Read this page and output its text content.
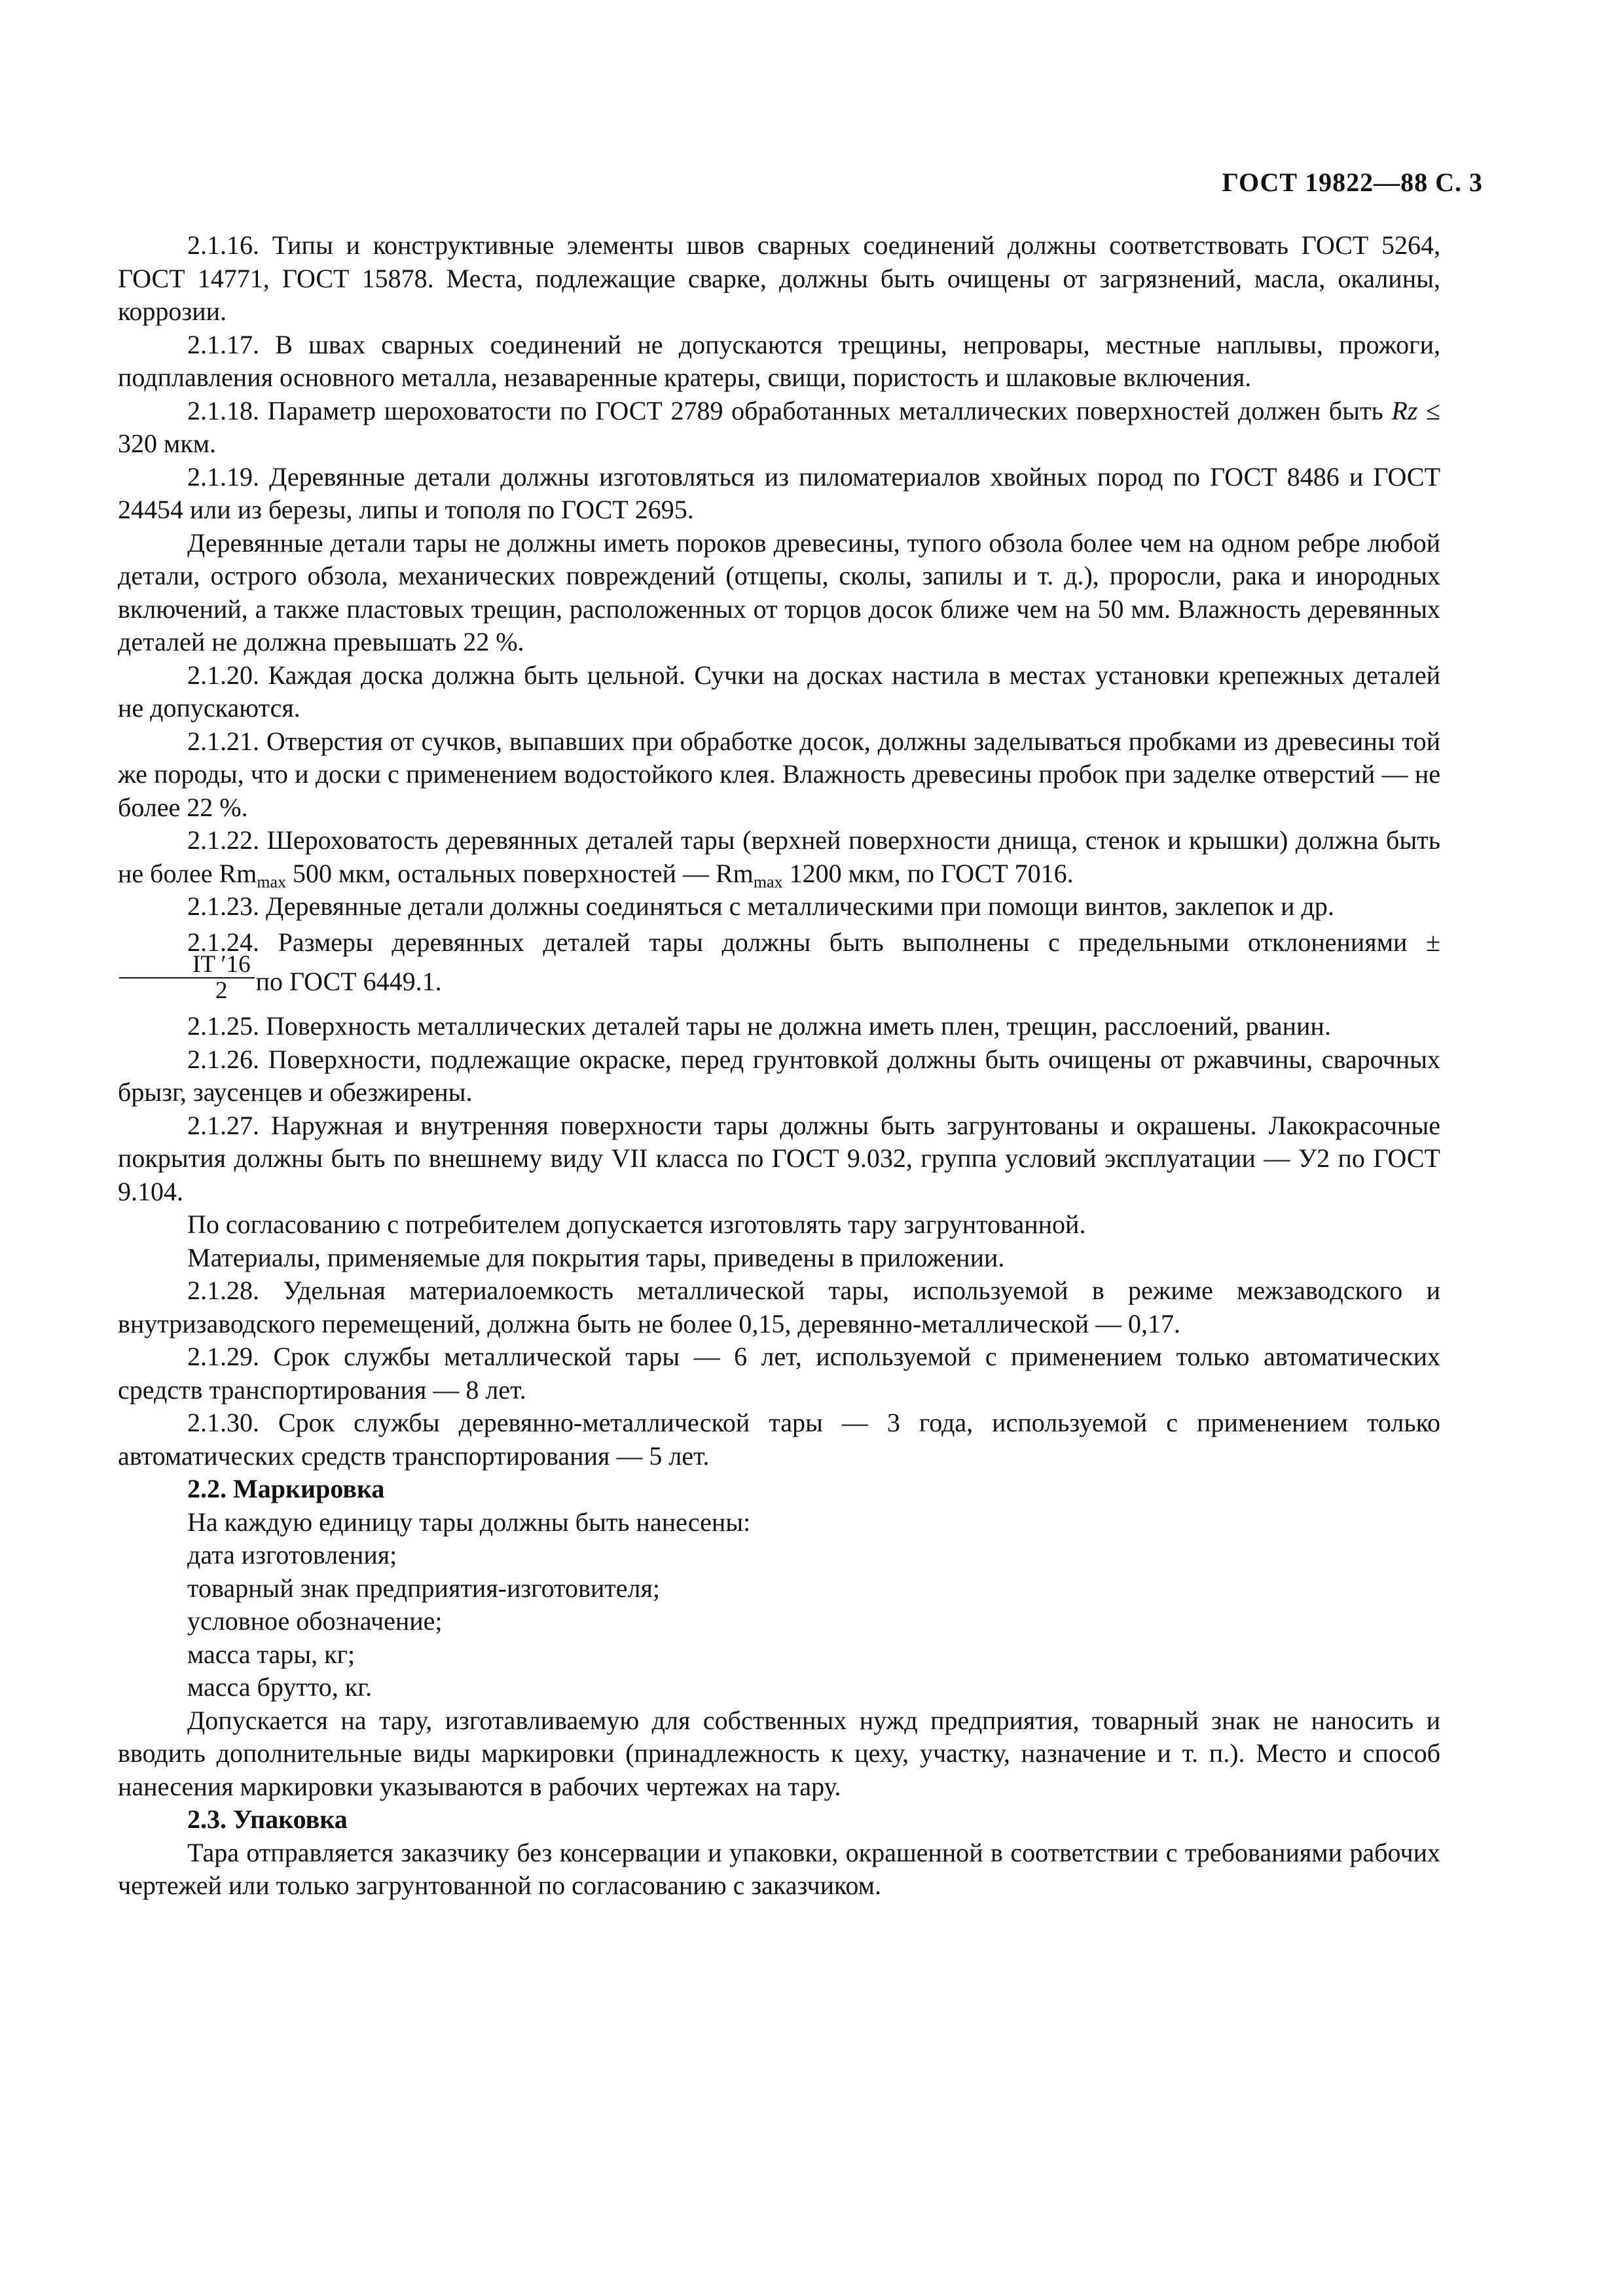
ГОСТ 19822—88 С. 3

2.1.16. Типы и конструктивные элементы швов сварных соединений должны соответствовать ГОСТ 5264, ГОСТ 14771, ГОСТ 15878. Места, подлежащие сварке, должны быть очищены от загрязнений, масла, окалины, коррозии.

2.1.17. В швах сварных соединений не допускаются трещины, непровары, местные наплывы, прожоги, подплавления основного металла, незаваренные кратеры, свищи, пористость и шлаковые включения.

2.1.18. Параметр шероховатости по ГОСТ 2789 обработанных металлических поверхностей должен быть Rz ≤ 320 мкм.

2.1.19. Деревянные детали должны изготовляться из пиломатериалов хвойных пород по ГОСТ 8486 и ГОСТ 24454 или из березы, липы и тополя по ГОСТ 2695.

Деревянные детали тары не должны иметь пороков древесины, тупого обзола более чем на одном ребре любой детали, острого обзола, механических повреждений (отщепы, сколы, запилы и т. д.), проросли, рака и инородных включений, а также пластовых трещин, расположенных от торцов досок ближе чем на 50 мм. Влажность деревянных деталей не должна превышать 22 %.

2.1.20. Каждая доска должна быть цельной. Сучки на досках настила в местах установки крепежных деталей не допускаются.

2.1.21. Отверстия от сучков, выпавших при обработке досок, должны заделываться пробками из древесины той же породы, что и доски с применением водостойкого клея. Влажность древесины пробок при заделке отверстий — не более 22 %.

2.1.22. Шероховатость деревянных деталей тары (верхней поверхности днища, стенок и крышки) должна быть не более $Rm_{max}$ 500 мкм, остальных поверхностей — $Rm_{max}$ 1200 мкм, по ГОСТ 7016.

2.1.23. Деревянные детали должны соединяться с металлическими при помощи винтов, заклепок и др.

2.1.24. Размеры деревянных деталей тары должны быть выполнены с предельными отклонениями ±
$\frac{IT '16}{2}$ по ГОСТ 6449.1.

2.1.25. Поверхность металлических деталей тары не должна иметь плен, трещин, расслоений, рванин.

2.1.26. Поверхности, подлежащие окраске, перед грунтовкой должны быть очищены от ржавчины, сварочных брызг, заусенцев и обезжирены.

2.1.27. Наружная и внутренняя поверхности тары должны быть загрунтованы и окрашены. Лакокрасочные покрытия должны быть по внешнему виду VII класса по ГОСТ 9.032, группа условий эксплуатации — У2 по ГОСТ 9.104.

По согласованию с потребителем допускается изготовлять тару загрунтованной.

Материалы, применяемые для покрытия тары, приведены в приложении.

2.1.28. Удельная материалоемкость металлической тары, используемой в режиме межзаводского и внутризаводского перемещений, должна быть не более 0,15, деревянно-металлической — 0,17.

2.1.29. Срок службы металлической тары — 6 лет, используемой с применением только автоматических средств транспортирования — 8 лет.

2.1.30. Срок службы деревянно-металлической тары — 3 года, используемой с применением только автоматических средств транспортирования — 5 лет.

2.2. Маркировка

На каждую единицу тары должны быть нанесены:

дата изготовления;

товарный знак предприятия-изготовителя;

условное обозначение;

масса тары, кг;

масса брутто, кг.

Допускается на тару, изготавливаемую для собственных нужд предприятия, товарный знак не наносить и вводить дополнительные виды маркировки (принадлежность к цеху, участку, назначение и т. п.). Место и способ нанесения маркировки указываются в рабочих чертежах на тару.

2.3. Упаковка

Тара отправляется заказчику без консервации и упаковки, окрашенной в соответствии с требованиями рабочих чертежей или только загрунтованной по согласованию с заказчиком.
